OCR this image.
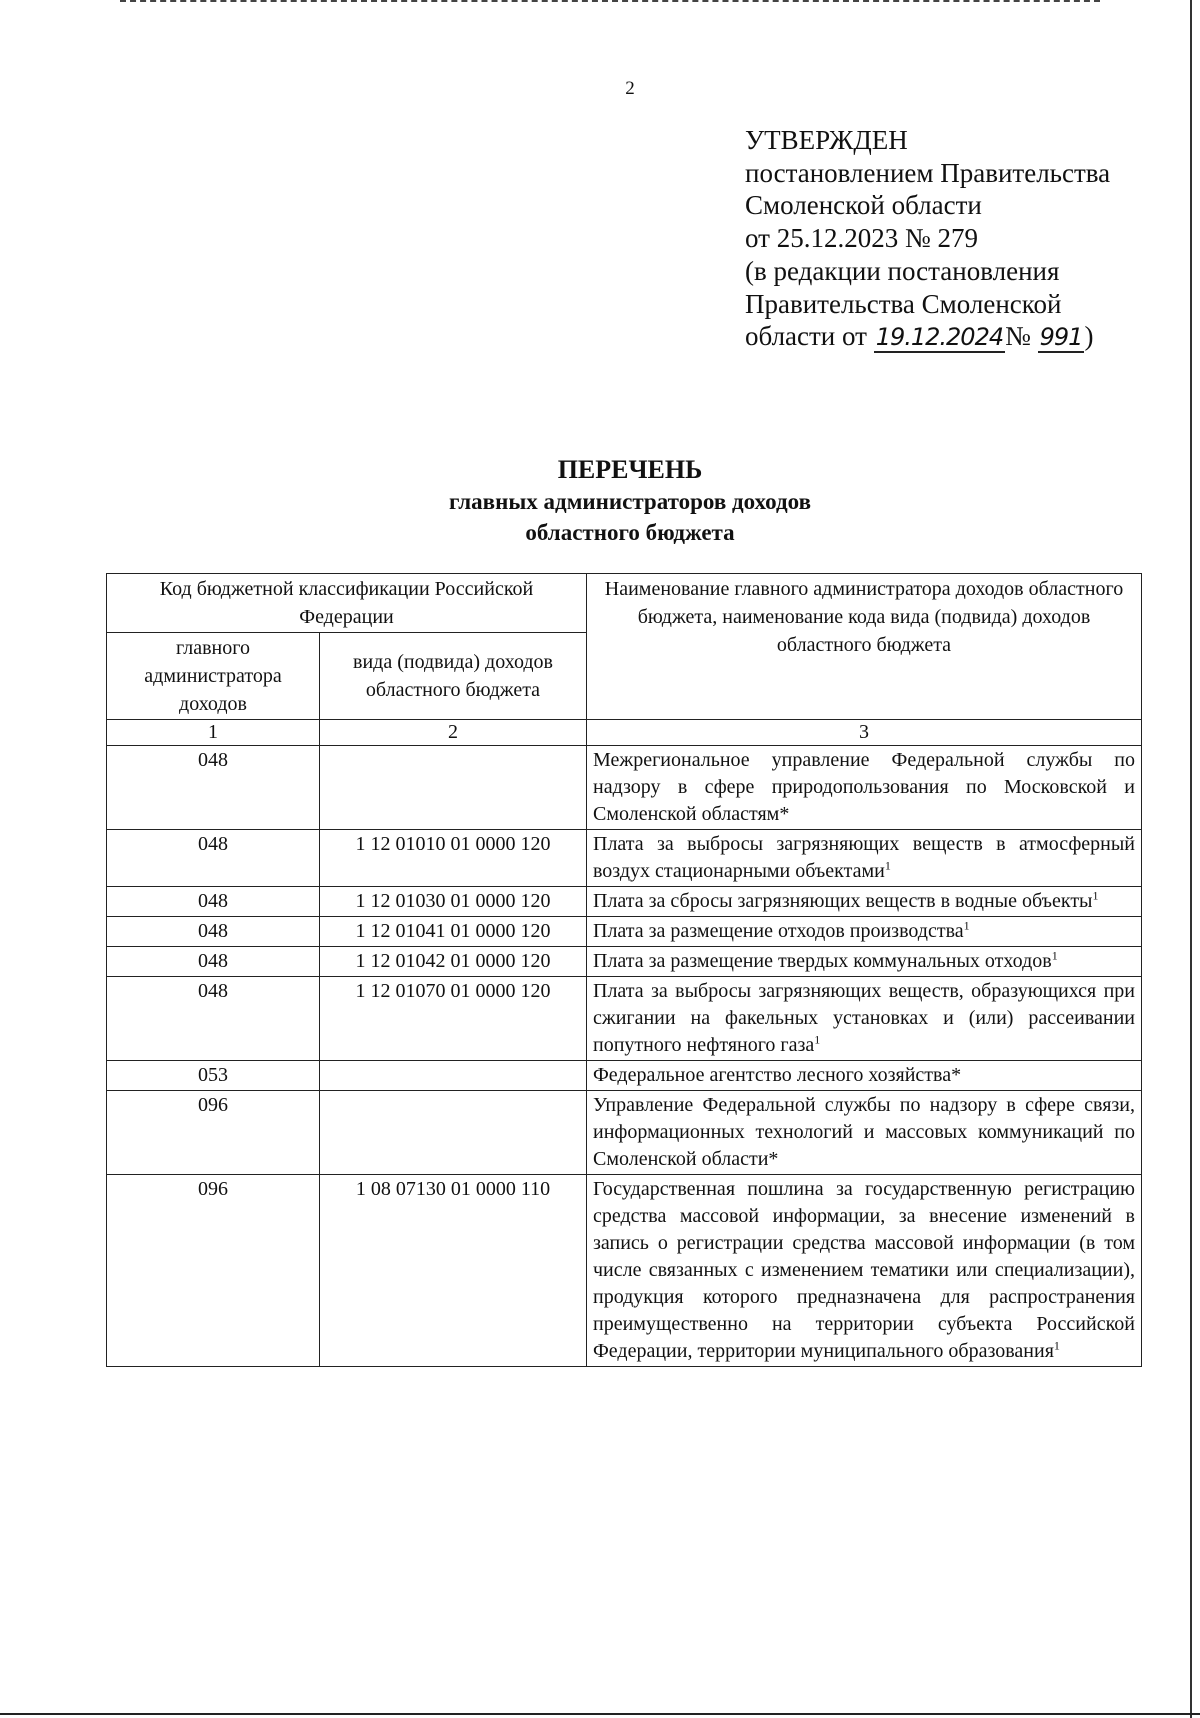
2
УТВЕРЖДЕН
постановлением Правительства
Смоленской области
от 25.12.2023 № 279
(в редакции постановления
Правительства Смоленской
области от 19.12.2024№ 991)
ПЕРЕЧЕНЬ
главных администраторов доходов
областного бюджета
Код бюджетной классификации Российской Федерации		Наименование главного администратора доходов областного бюджета, наименование кода вида (подвида) доходов областного бюджета
главного администратора доходов	вида (подвида) доходов областного бюджета	
1	2	3
048		Межрегиональное управление Федеральной службы по надзору в сфере природопользования по Московской и Смоленской областям*
048	1 12 01010 01 0000 120	Плата за выбросы загрязняющих веществ в атмосферный воздух стационарными объектами$^1$
048	1 12 01030 01 0000 120	Плата за сбросы загрязняющих веществ в водные объекты$^1$
048	1 12 01041 01 0000 120	Плата за размещение отходов производства$^1$
048	1 12 01042 01 0000 120	Плата за размещение твердых коммунальных отходов$^1$
048	1 12 01070 01 0000 120	Плата за выбросы загрязняющих веществ, образующихся при сжигании на факельных установках и (или) рассеивании попутного нефтяного газа$^1$
053		Федеральное агентство лесного хозяйства*
096		Управление Федеральной службы по надзору в сфере связи, информационных технологий и массовых коммуникаций по Смоленской области*
096	1 08 07130 01 0000 110	Государственная пошлина за государственную регистрацию средства массовой информации, за внесение изменений в запись о регистрации средства массовой информации (в том числе связанных с изменением тематики или специализации), продукция которого предназначена для распространения преимущественно на территории субъекта Российской Федерации, территории муниципального образования$^1$
